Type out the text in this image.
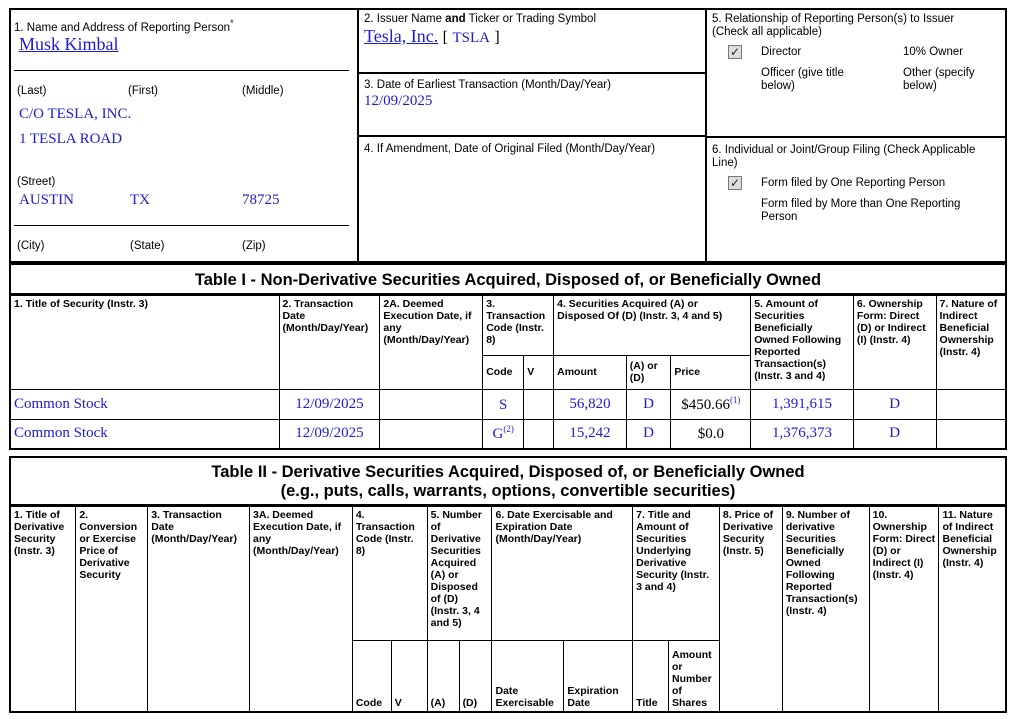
1. Name and Address of Reporting Person*
Musk Kimbal
(Last)	(First)	(Middle)
C/O TESLA, INC.
1 TESLA ROAD
(Street)
AUSTIN	TX	78725
(City)	(State)	(Zip)
2. Issuer Name and Ticker or Trading Symbol
Tesla, Inc. [ TSLA ]
3. Date of Earliest Transaction (Month/Day/Year)
12/09/2025
4. If Amendment, Date of Original Filed (Month/Day/Year)
5. Relationship of Reporting Person(s) to Issuer
(Check all applicable)
✓ Director	10% Owner
Officer (give title
below)
Other (specify
below)
6. Individual or Joint/Group Filing (Check Applicable
Line)
✓ Form filed by One Reporting Person
Form filed by More than One Reporting
Person
Table I - Non-Derivative Securities Acquired, Disposed of, or Beneficially Owned
1. Title of Security (Instr. 3)	2. Transaction Date (Month/Day/Year)	2A. Deemed Execution Date, if any (Month/Day/Year)	3. Transaction Code (Instr. 8)		4. Securities Acquired (A) or Disposed Of (D) (Instr. 3, 4 and 5)			5. Amount of Securities Beneficially Owned Following Reported Transaction(s) (Instr. 3 and 4)	6. Ownership Form: Direct (D) or Indirect (I) (Instr. 4)	7. Nature of Indirect Beneficial Ownership (Instr. 4)
			Code	V	Amount	(A) or (D)	Price			
Common Stock	12/09/2025		S		56,820	D	$450.66$^{(1)}$	1,391,615	D	
Common Stock	12/09/2025		$G^{(2)}$		15,242	D	$0.0	1,376,373	D	
Table II - Derivative Securities Acquired, Disposed of, or Beneficially Owned
(e.g., puts, calls, warrants, options, convertible securities)
1. Title of Derivative Security (Instr. 3)	2. Conversion or Exercise Price of Derivative Security	3. Transaction Date (Month/Day/Year)	3A. Deemed Execution Date, if any (Month/Day/Year)	4. Transaction Code (Instr. 8)		5. Number of Derivative Securities Acquired (A) or Disposed of (D) (Instr. 3, 4 and 5)		6. Date Exercisable and Expiration Date (Month/Day/Year)		7. Title and Amount of Securities Underlying Derivative Security (Instr. 3 and 4)		8. Price of Derivative Security (Instr. 5)	9. Number of derivative Securities Beneficially Owned Following Reported Transaction(s) (Instr. 4)	10. Ownership Form: Direct (D) or Indirect (I) (Instr. 4)	11. Nature of Indirect Beneficial Ownership (Instr. 4)
				Code	V	(A)	(D)	Date Exercisable	Expiration Date	Title	Amount or Number of Shares				
